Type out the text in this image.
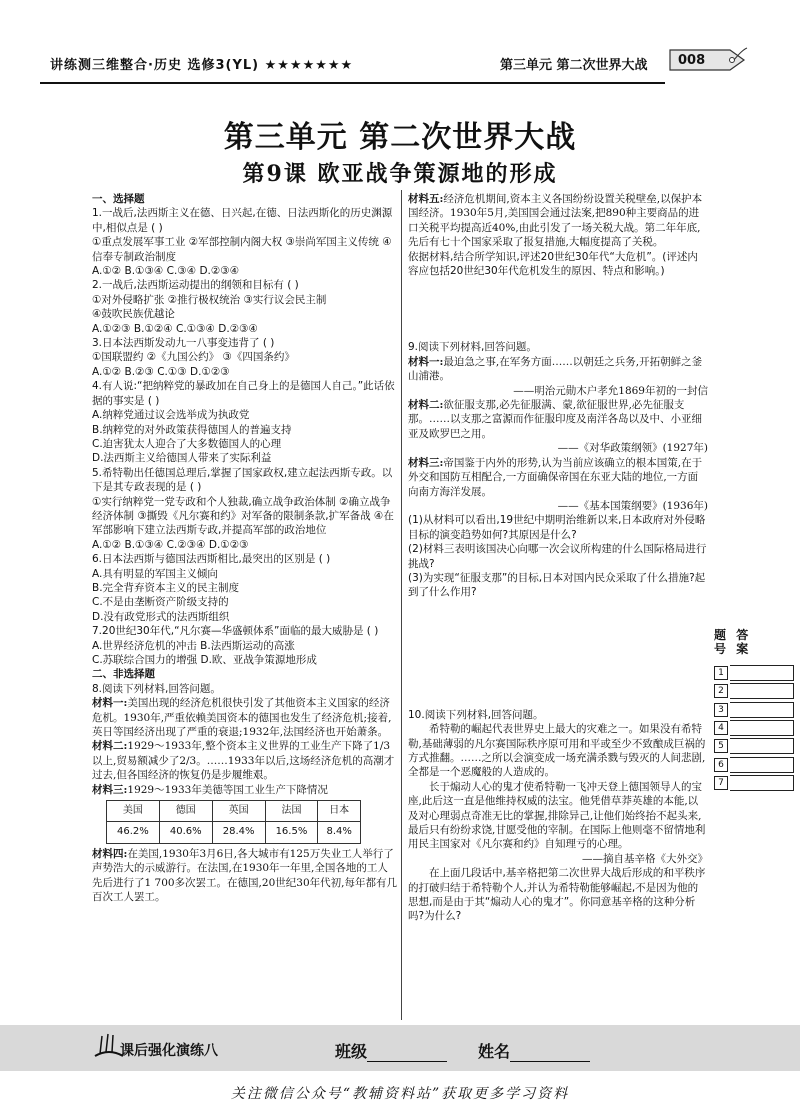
讲练测三维整合·历史 选修3(YL) ★★★★★★★	第三单元 第二次世界大战 008
第三单元 第二次世界大战
第9课 欧亚战争策源地的形成

一、选择题

1.一战后,法西斯主义在德、日兴起,在德、日法西斯化的历史渊源中,相似点是 ( )

①重点发展军事工业 ②军部控制内阁大权 ③崇尚军国主义传统 ④信奉专制政治制度

A.①② B.①③④ C.③④ D.②③④

2.一战后,法西斯运动提出的纲领和目标有 ( )

①对外侵略扩张 ②推行极权统治 ③实行议会民主制

④鼓吹民族优越论

A.①②③ B.①②④ C.①③④ D.②③④

3.日本法西斯发动九一八事变违背了 ( )

①国联盟约 ②《九国公约》 ③《四国条约》

A.①② B.②③ C.①③ D.①②③

4.有人说:“把纳粹党的暴政加在自己身上的是德国人自己。”此话依据的事实是 ( )

A.纳粹党通过议会选举成为执政党

B.纳粹党的对外政策获得德国人的普遍支持

C.迫害犹太人迎合了大多数德国人的心理

D.法西斯主义给德国人带来了实际利益

5.希特勒出任德国总理后,掌握了国家政权,建立起法西斯专政。以下是其专政表现的是 ( )

①实行纳粹党一党专政和个人独裁,确立战争政治体制 ②确立战争经济体制 ③撕毁《凡尔赛和约》对军备的限制条款,扩军备战 ④在军部影响下建立法西斯专政,并提高军部的政治地位

A.①② B.①③④ C.②③④ D.①②③

6.日本法西斯与德国法西斯相比,最突出的区别是 ( )

A.具有明显的军国主义倾向

B.完全背弃资本主义的民主制度

C.不是由垄断资产阶级支持的

D.没有政党形式的法西斯组织

7.20世纪30年代,“凡尔赛—华盛顿体系”面临的最大威胁是 ( )

A.世界经济危机的冲击 B.法西斯运动的高涨

C.苏联综合国力的增强 D.欧、亚战争策源地形成

二、非选择题

8.阅读下列材料,回答问题。

材料一:美国出现的经济危机很快引发了其他资本主义国家的经济危机。1930年,严重依赖美国资本的德国也发生了经济危机;接着,英日等国经济出现了严重的衰退;1932年,法国经济也开始萧条。

材料二:1929～1933年,整个资本主义世界的工业生产下降了1/3以上,贸易额减少了2/3。……1933年以后,这场经济危机的高潮才过去,但各国经济的恢复仍是步履维艰。

材料三:1929～1933年美德等国工业生产下降情况

美国	德国	英国	法国	日本
46.2%	40.6%	28.4%	16.5%	8.4%

材料四:在美国,1930年3月6日,各大城市有125万失业工人举行了声势浩大的示威游行。在法国,在1930年一年里,全国各地的工人先后进行了1 700多次罢工。在德国,20世纪30年代初,每年都有几百次工人罢工。

材料五:经济危机期间,资本主义各国纷纷设置关税壁垒,以保护本国经济。1930年5月,美国国会通过法案,把890种主要商品的进口关税平均提高近40%,由此引发了一场关税大战。第二年年底,先后有七十个国家采取了报复措施,大幅度提高了关税。

依据材料,结合所学知识,评述20世纪30年代“大危机”。(评述内容应包括20世纪30年代危机发生的原因、特点和影响。)

9.阅读下列材料,回答问题。

材料一:最迫急之事,在军务方面……以朝廷之兵务,开拓朝鲜之釜山浦港。

——明治元勋木户孝允1869年初的一封信

材料二:欲征服支那,必先征服满、蒙,欲征服世界,必先征服支那。……以支那之富源而作征服印度及南洋各岛以及中、小亚细亚及欧罗巴之用。

——《对华政策纲领》(1927年)

材料三:帝国鉴于内外的形势,认为当前应该确立的根本国策,在于外交和国防互相配合,一方面确保帝国在东亚大陆的地位,一方面向南方海洋发展。

——《基本国策纲要》(1936年)

(1)从材料可以看出,19世纪中期明治维新以来,日本政府对外侵略目标的演变趋势如何?其原因是什么?

(2)材料三表明该国决心向哪一次会议所构建的什么国际格局进行挑战?

(3)为实现“征服支那”的目标,日本对国内民众采取了什么措施?起到了什么作用?

10.阅读下列材料,回答问题。

希特勒的崛起代表世界史上最大的灾难之一。如果没有希特勒,基础薄弱的凡尔赛国际秩序原可用和平或至少不致酿成巨祸的方式推翻。……之所以会演变成一场充满杀戮与毁灭的人间悲剧,全都是一个恶魔般的人造成的。

长于煽动人心的鬼才使希特勒一飞冲天登上德国领导人的宝座,此后这一直是他维持权威的法宝。他凭借草莽英雄的本能,以及对心理弱点奇准无比的掌握,排除异己,让他们始终抬不起头来,最后只有纷纷求饶,甘愿受他的宰制。在国际上他则毫不留情地利用民主国家对《凡尔赛和约》自知理亏的心理。

——摘自基辛格《大外交》

在上面几段话中,基辛格把第二次世界大战后形成的和平秩序的打破归结于希特勒个人,并认为希特勒能够崛起,不是因为他的思想,而是由于其“煽动人心的鬼才”。你同意基辛格的这种分析吗?为什么?

题号 答案
1
2
3
4
5
6
7
课后强化演练八	班级	姓名
关注微信公众号“教辅资料站”获取更多学习资料
